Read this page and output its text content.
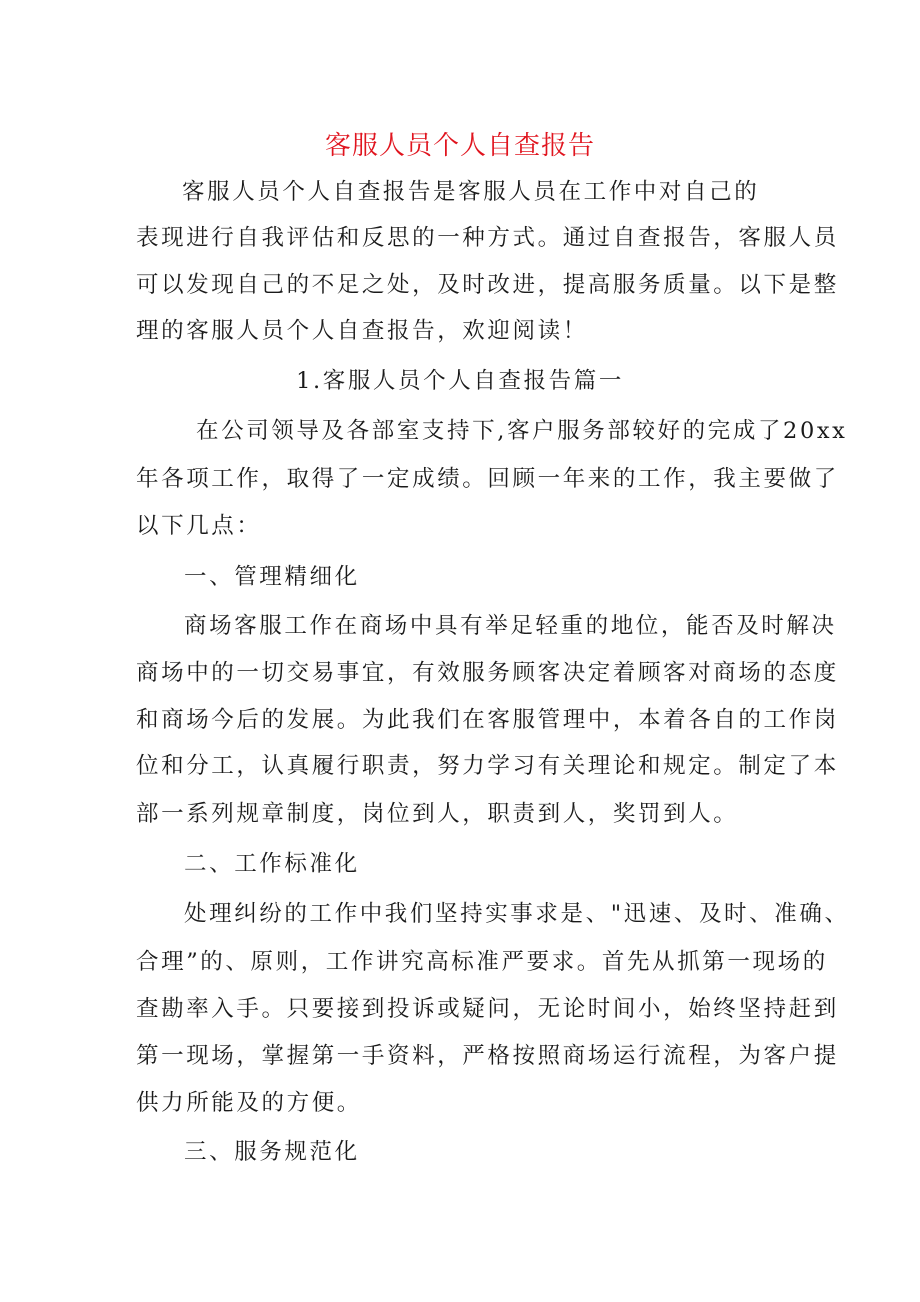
客服人员个人自查报告
客服人员个人自查报告是客服人员在工作中对自己的
表现进行自我评估和反思的一种方式。通过自查报告，客服人员
可以发现自己的不足之处，及时改进，提高服务质量。以下是整
理的客服人员个人自查报告，欢迎阅读！
1.客服人员个人自查报告篇一
在公司领导及各部室支持下,客户服务部较好的完成了20xx
年各项工作，取得了一定成绩。回顾一年来的工作，我主要做了
以下几点：
一、管理精细化
商场客服工作在商场中具有举足轻重的地位，能否及时解决
商场中的一切交易事宜，有效服务顾客决定着顾客对商场的态度
和商场今后的发展。为此我们在客服管理中，本着各自的工作岗
位和分工，认真履行职责，努力学习有关理论和规定。制定了本
部一系列规章制度，岗位到人，职责到人，奖罚到人。
二、工作标准化
处理纠纷的工作中我们坚持实事求是、"迅速、及时、准确、
合理”的、原则，工作讲究高标准严要求。首先从抓第一现场的
查勘率入手。只要接到投诉或疑问，无论时间小，始终坚持赶到
第一现场，掌握第一手资料，严格按照商场运行流程，为客户提
供力所能及的方便。
三、服务规范化
